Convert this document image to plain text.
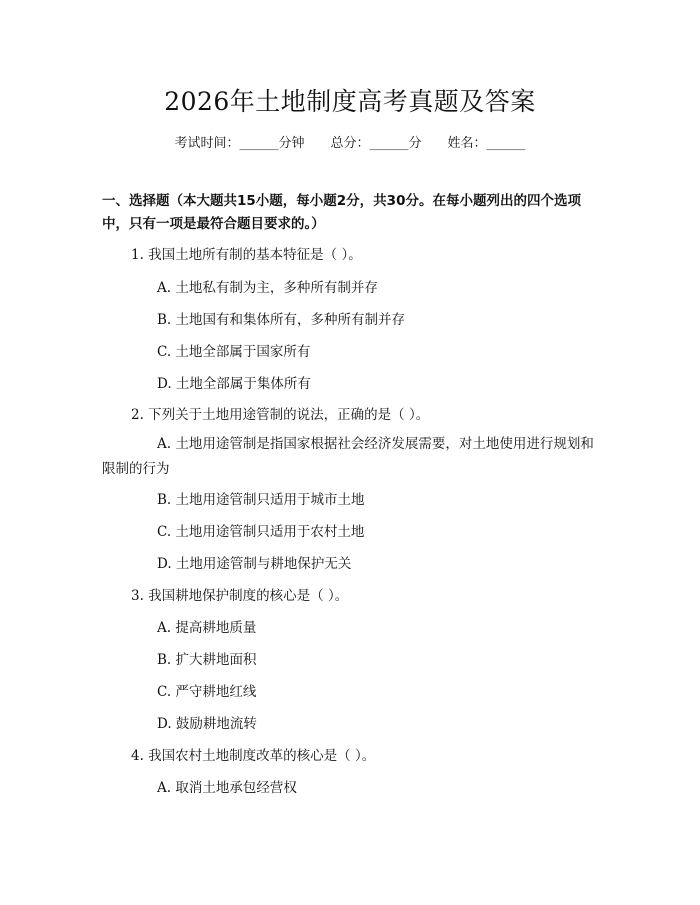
2026年土地制度高考真题及答案
考试时间：______分钟 总分：______分 姓名：______
一、选择题（本大题共15小题，每小题2分，共30分。在每小题列出的四个选项中，只有一项是最符合题目要求的。）
1. 我国土地所有制的基本特征是（ ）。
A. 土地私有制为主，多种所有制并存
B. 土地国有和集体所有，多种所有制并存
C. 土地全部属于国家所有
D. 土地全部属于集体所有
2. 下列关于土地用途管制的说法，正确的是（ ）。
A. 土地用途管制是指国家根据社会经济发展需要，对土地使用进行规划和限制的行为
B. 土地用途管制只适用于城市土地
C. 土地用途管制只适用于农村土地
D. 土地用途管制与耕地保护无关
3. 我国耕地保护制度的核心是（ ）。
A. 提高耕地质量
B. 扩大耕地面积
C. 严守耕地红线
D. 鼓励耕地流转
4. 我国农村土地制度改革的核心是（ ）。
A. 取消土地承包经营权
